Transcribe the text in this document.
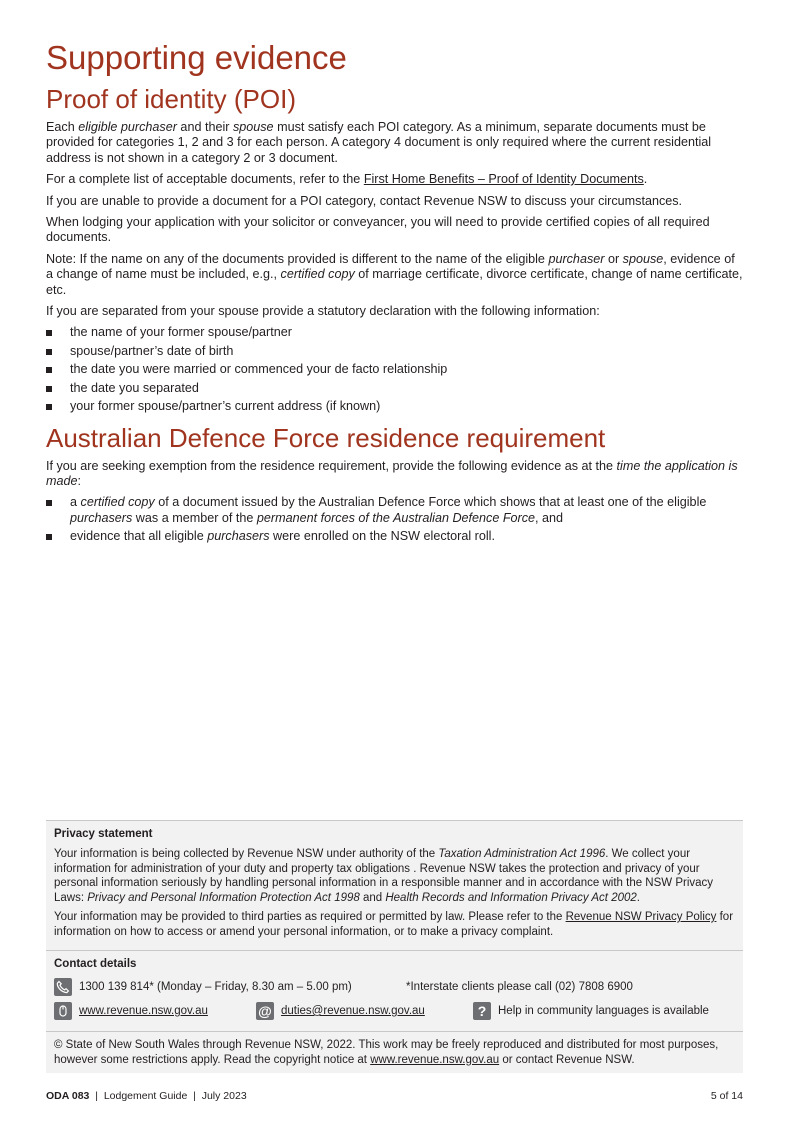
Supporting evidence
Proof of identity (POI)

Each eligible purchaser and their spouse must satisfy each POI category. As a minimum, separate documents must be provided for categories 1, 2 and 3 for each person. A category 4 document is only required where the current residential address is not shown in a category 2 or 3 document.

For a complete list of acceptable documents, refer to the First Home Benefits – Proof of Identity Documents.

If you are unable to provide a document for a POI category, contact Revenue NSW to discuss your circumstances.

When lodging your application with your solicitor or conveyancer, you will need to provide certified copies of all required documents.

Note: If the name on any of the documents provided is different to the name of the eligible purchaser or spouse, evidence of a change of name must be included, e.g., certified copy of marriage certificate, divorce certificate, change of name certificate, etc.

If you are separated from your spouse provide a statutory declaration with the following information:

the name of your former spouse/partner
spouse/partner’s date of birth
the date you were married or commenced your de facto relationship
the date you separated
your former spouse/partner’s current address (if known)
Australian Defence Force residence requirement

If you are seeking exemption from the residence requirement, provide the following evidence as at the time the application is made:

a certified copy of a document issued by the Australian Defence Force which shows that at least one of the eligible purchasers was a member of the permanent forces of the Australian Defence Force, and
evidence that all eligible purchasers were enrolled on the NSW electoral roll.
Privacy statement

Your information is being collected by Revenue NSW under authority of the Taxation Administration Act 1996. We collect your information for administration of your duty and property tax obligations . Revenue NSW takes the protection and privacy of your personal information seriously by handling personal information in a responsible manner and in accordance with the NSW Privacy Laws: Privacy and Personal Information Protection Act 1998 and Health Records and Information Privacy Act 2002.

Your information may be provided to third parties as required or permitted by law. Please refer to the Revenue NSW Privacy Policy for information on how to access or amend your personal information, or to make a privacy complaint.

Contact details
1300 139 814* (Monday – Friday, 8.30 am – 5.00 pm)	*Interstate clients please call (02) 7808 6900
www.revenue.nsw.gov.au	@ duties@revenue.nsw.gov.au	?	Help in community languages is available

© State of New South Wales through Revenue NSW, 2022. This work may be freely reproduced and distributed for most purposes, however some restrictions apply. Read the copyright notice at www.revenue.nsw.gov.au or contact Revenue NSW.

ODA 083 | Lodgement Guide | July 2023	5 of 14
